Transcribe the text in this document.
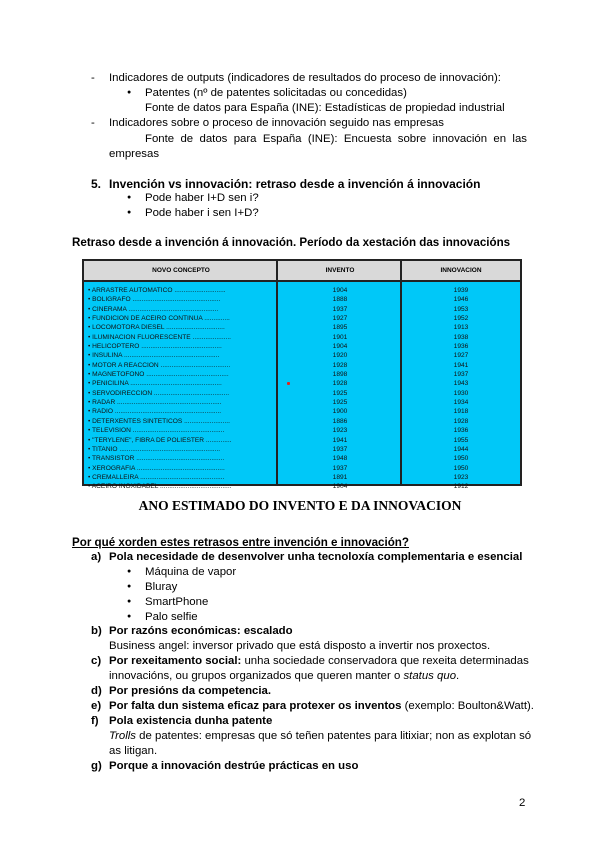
- Indicadores de outputs (indicadores de resultados do proceso de innovación):
● Patentes (nº de patentes solicitadas ou concedidas)
Fonte de datos para España (INE): Estadísticas de propiedad industrial
- Indicadores sobre o proceso de innovación seguido nas empresas
Fonte de datos para España (INE): Encuesta sobre innovación en las
empresas
5. Invención vs innovación: retraso desde a invención á innovación
● Pode haber I+D sen i?
● Pode haber i sen I+D?
Retraso desde a invención á innovación. Período da xestación das innovacións
NOVO CONCEPTO	INVENTO	INNOVACION
• ARRASTRE AUTOMATICO ............................
• BOLIGRAFO ................................................
• CINERAMA .................................................
• FUNDICION DE ACEIRO CONTINUA ..............
• LOCOMOTORA DIESEL ................................
• ILUMINACION FLUORESCENTE .....................
• HELICOPTERO ............................................
• INSULINA ....................................................
• MOTOR A REACCION ......................................
• MAGNETOFONO .............................................
• PENICILINA ..................................................
• SERVODIRECCION .........................................
• RADAR .........................................................
• RADIO ..........................................................
• DETERXENTES SINTETICOS .........................
• TELEVISION ..................................................
• "TERYLENE", FIBRA DE POLIESTER ..............
• TITANIO .......................................................
• TRANSISTOR ................................................
• XEROGRAFIA ................................................
• CREMALLEIRA ..............................................
• ACEIRO INOXIDABEL .......................................
1904
1888
1937
1927
1895
1901
1904
1920
1928
1898
1928
1925
1925
1900
1886
1923
1941
1937
1948
1937
1891
1904
1939
1946
1953
1952
1913
1938
1936
1927
1941
1937
1943
1930
1934
1918
1928
1936
1955
1944
1950
1950
1923
1912
ANO ESTIMADO DO INVENTO E DA INNOVACION
Por qué xorden estes retrasos entre invención e innovación?
a) Pola necesidade de desenvolver unha tecnoloxía complementaria e esencial
● Máquina de vapor
● Bluray
● SmartPhone
● Palo selfie
b) Por razóns económicas: escalado
Business angel: inversor privado que está disposto a invertir nos proxectos.
c) Por rexeitamento social: unha sociedade conservadora que rexeita determinadas
innovacións, ou grupos organizados que queren manter o status quo.
d) Por presións da competencia.
e) Por falta dun sistema eficaz para protexer os inventos (exemplo: Boulton&Watt).
f) Pola existencia dunha patente
Trolls de patentes: empresas que só teñen patentes para litixiar; non as explotan só
as litigan.
g) Porque a innovación destrúe prácticas en uso
2
